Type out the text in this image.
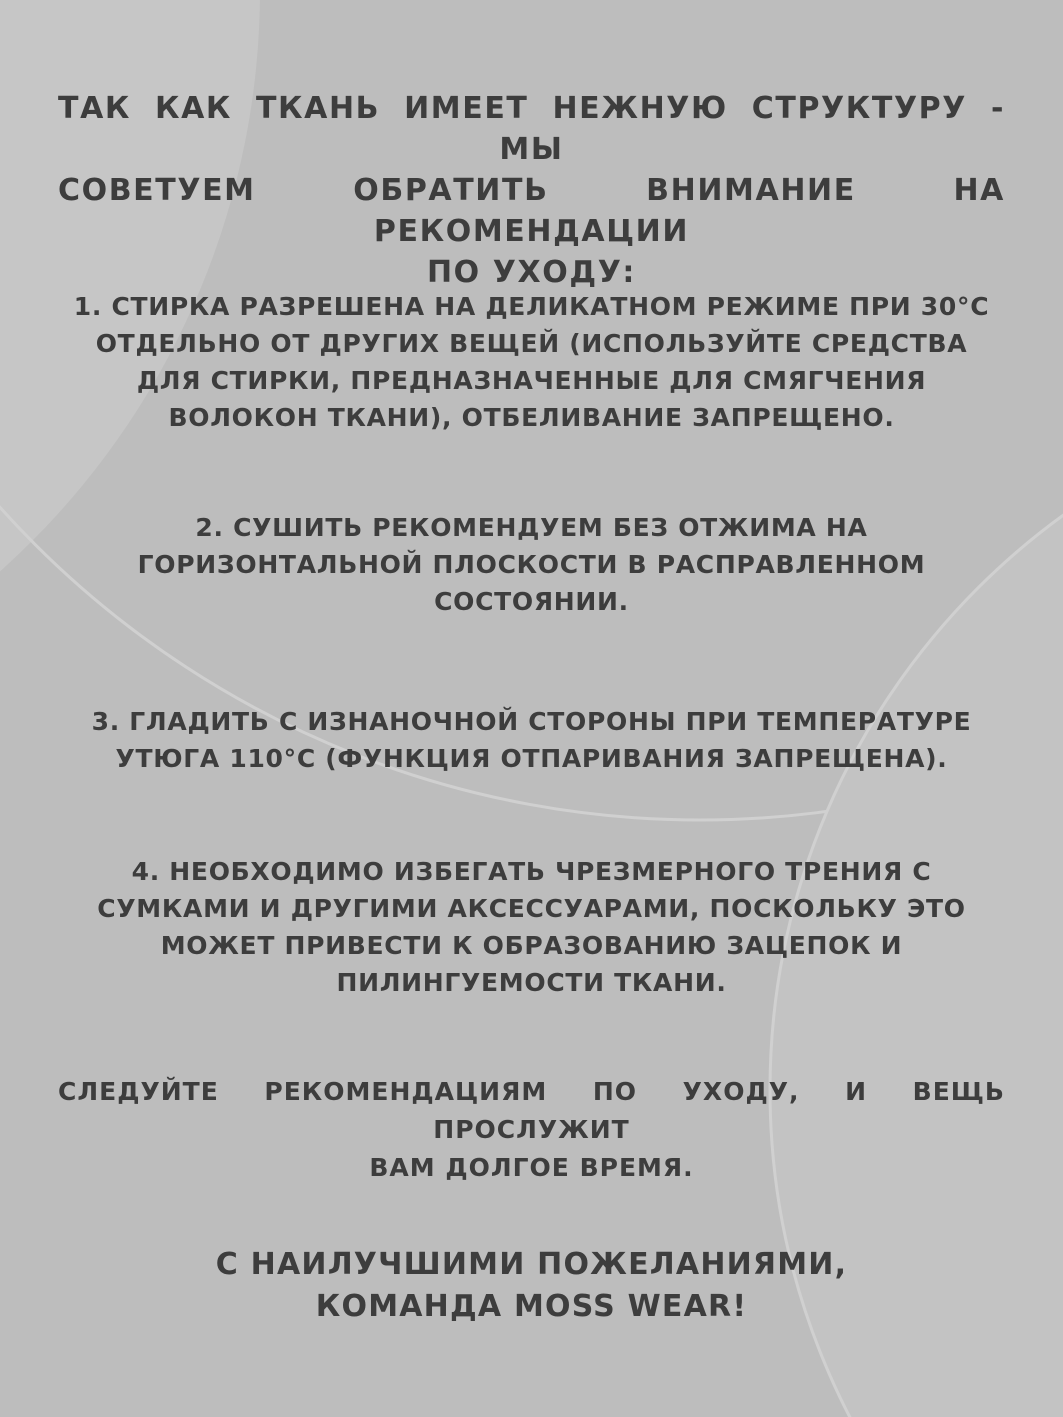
ТАК КАК ТКАНЬ ИМЕЕТ НЕЖНУЮ СТРУКТУРУ - МЫ
СОВЕТУЕМ ОБРАТИТЬ ВНИМАНИЕ НА РЕКОМЕНДАЦИИ
ПО УХОДУ:

1. СТИРКА РАЗРЕШЕНА НА ДЕЛИКАТНОМ РЕЖИМЕ ПРИ 30°C
ОТДЕЛЬНО ОТ ДРУГИХ ВЕЩЕЙ (ИСПОЛЬЗУЙТЕ СРЕДСТВА
ДЛЯ СТИРКИ, ПРЕДНАЗНАЧЕННЫЕ ДЛЯ СМЯГЧЕНИЯ
ВОЛОКОН ТКАНИ), ОТБЕЛИВАНИЕ ЗАПРЕЩЕНО.

2. СУШИТЬ РЕКОМЕНДУЕМ БЕЗ ОТЖИМА НА
ГОРИЗОНТАЛЬНОЙ ПЛОСКОСТИ В РАСПРАВЛЕННОМ
СОСТОЯНИИ.

3. ГЛАДИТЬ С ИЗНАНОЧНОЙ СТОРОНЫ ПРИ ТЕМПЕРАТУРЕ
УТЮГА 110°C (ФУНКЦИЯ ОТПАРИВАНИЯ ЗАПРЕЩЕНА).

4. НЕОБХОДИМО ИЗБЕГАТЬ ЧРЕЗМЕРНОГО ТРЕНИЯ С
СУМКАМИ И ДРУГИМИ АКСЕССУАРАМИ, ПОСКОЛЬКУ ЭТО
МОЖЕТ ПРИВЕСТИ К ОБРАЗОВАНИЮ ЗАЦЕПОК И
ПИЛИНГУЕМОСТИ ТКАНИ.

СЛЕДУЙТЕ РЕКОМЕНДАЦИЯМ ПО УХОДУ, И ВЕЩЬ ПРОСЛУЖИТ
ВАМ ДОЛГОЕ ВРЕМЯ.

С НАИЛУЧШИМИ ПОЖЕЛАНИЯМИ,
КОМАНДА MOSS WEAR!
